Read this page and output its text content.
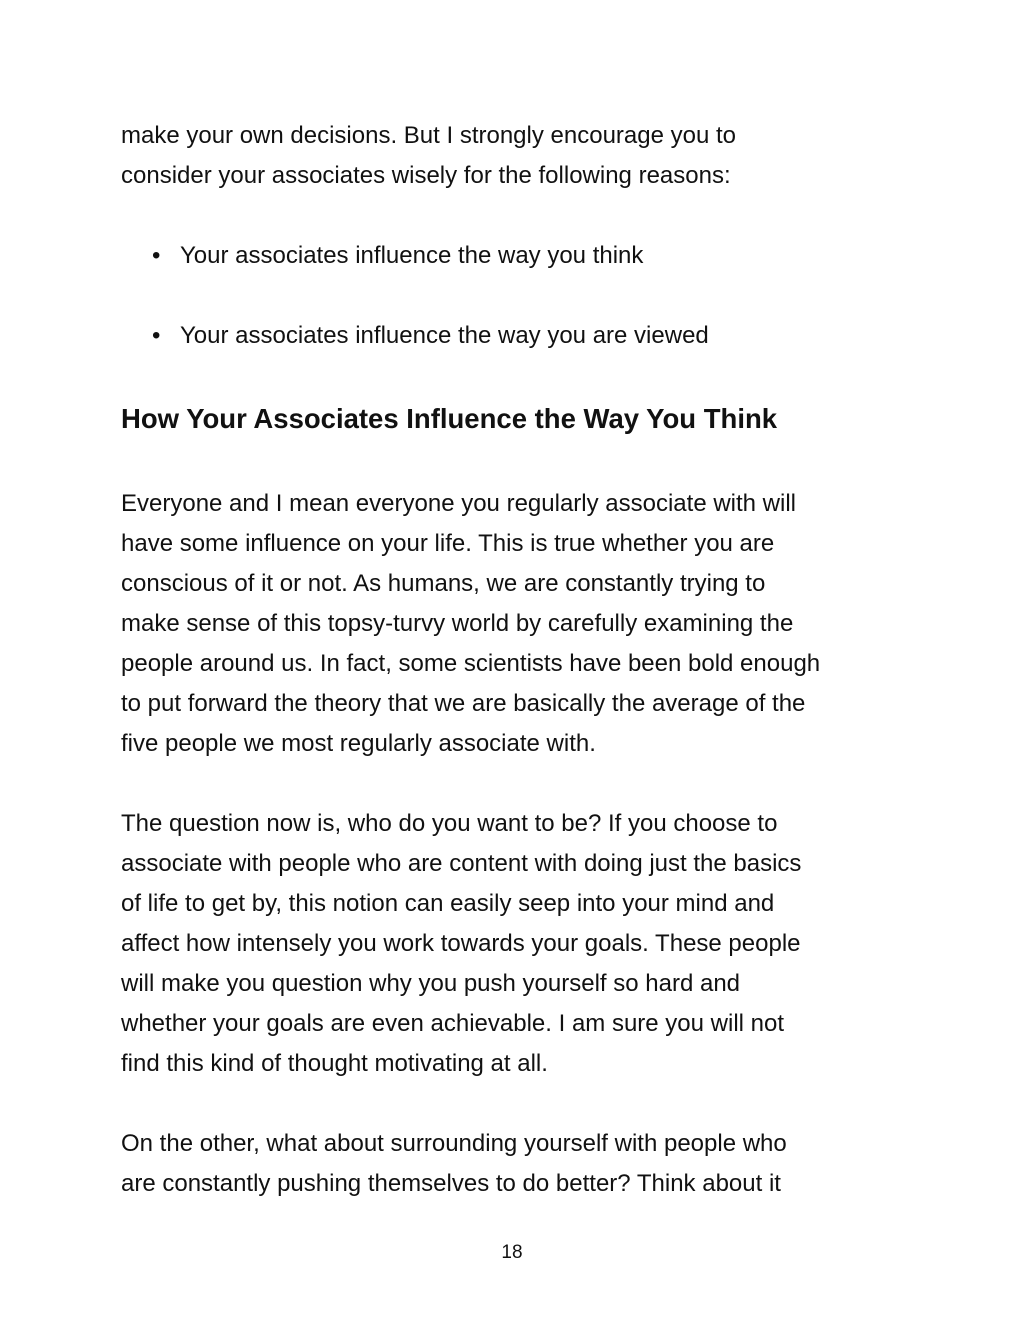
make your own decisions. But I strongly encourage you to
consider your associates wisely for the following reasons:
• Your associates influence the way you think
• Your associates influence the way you are viewed
How Your Associates Influence the Way You Think
Everyone and I mean everyone you regularly associate with will
have some influence on your life. This is true whether you are
conscious of it or not. As humans, we are constantly trying to
make sense of this topsy-turvy world by carefully examining the
people around us. In fact, some scientists have been bold enough
to put forward the theory that we are basically the average of the
five people we most regularly associate with.
The question now is, who do you want to be? If you choose to
associate with people who are content with doing just the basics
of life to get by, this notion can easily seep into your mind and
affect how intensely you work towards your goals. These people
will make you question why you push yourself so hard and
whether your goals are even achievable. I am sure you will not
find this kind of thought motivating at all.
On the other, what about surrounding yourself with people who
are constantly pushing themselves to do better? Think about it
18
